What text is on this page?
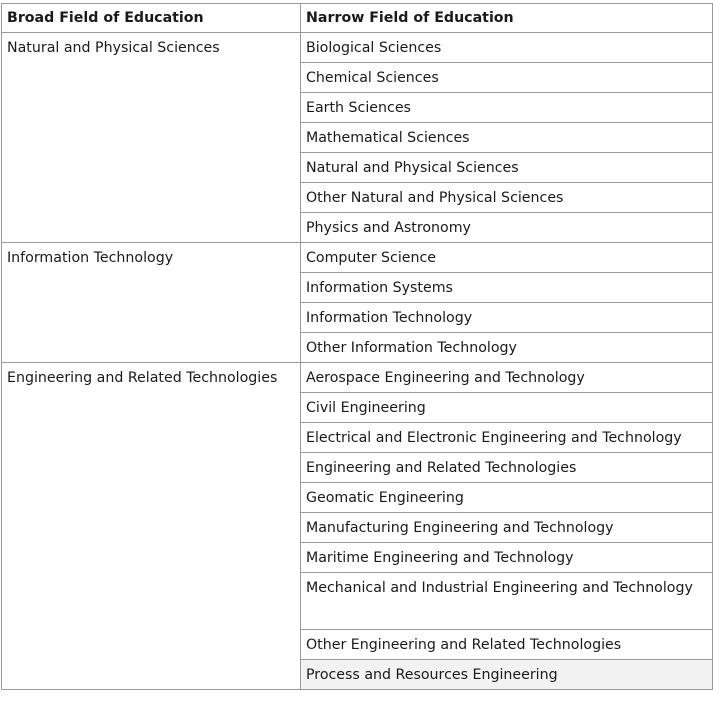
Broad Field of Education	Narrow Field of Education
Natural and Physical Sciences	Biological Sciences
	Chemical Sciences
	Earth Sciences
	Mathematical Sciences
	Natural and Physical Sciences
	Other Natural and Physical Sciences
	Physics and Astronomy
Information Technology	Computer Science
	Information Systems
	Information Technology
	Other Information Technology
Engineering and Related Technologies	Aerospace Engineering and Technology
	Civil Engineering
	Electrical and Electronic Engineering and Technology
	Engineering and Related Technologies
	Geomatic Engineering
	Manufacturing Engineering and Technology
	Maritime Engineering and Technology
	Mechanical and Industrial Engineering and Technology
	Other Engineering and Related Technologies
	Process and Resources Engineering
